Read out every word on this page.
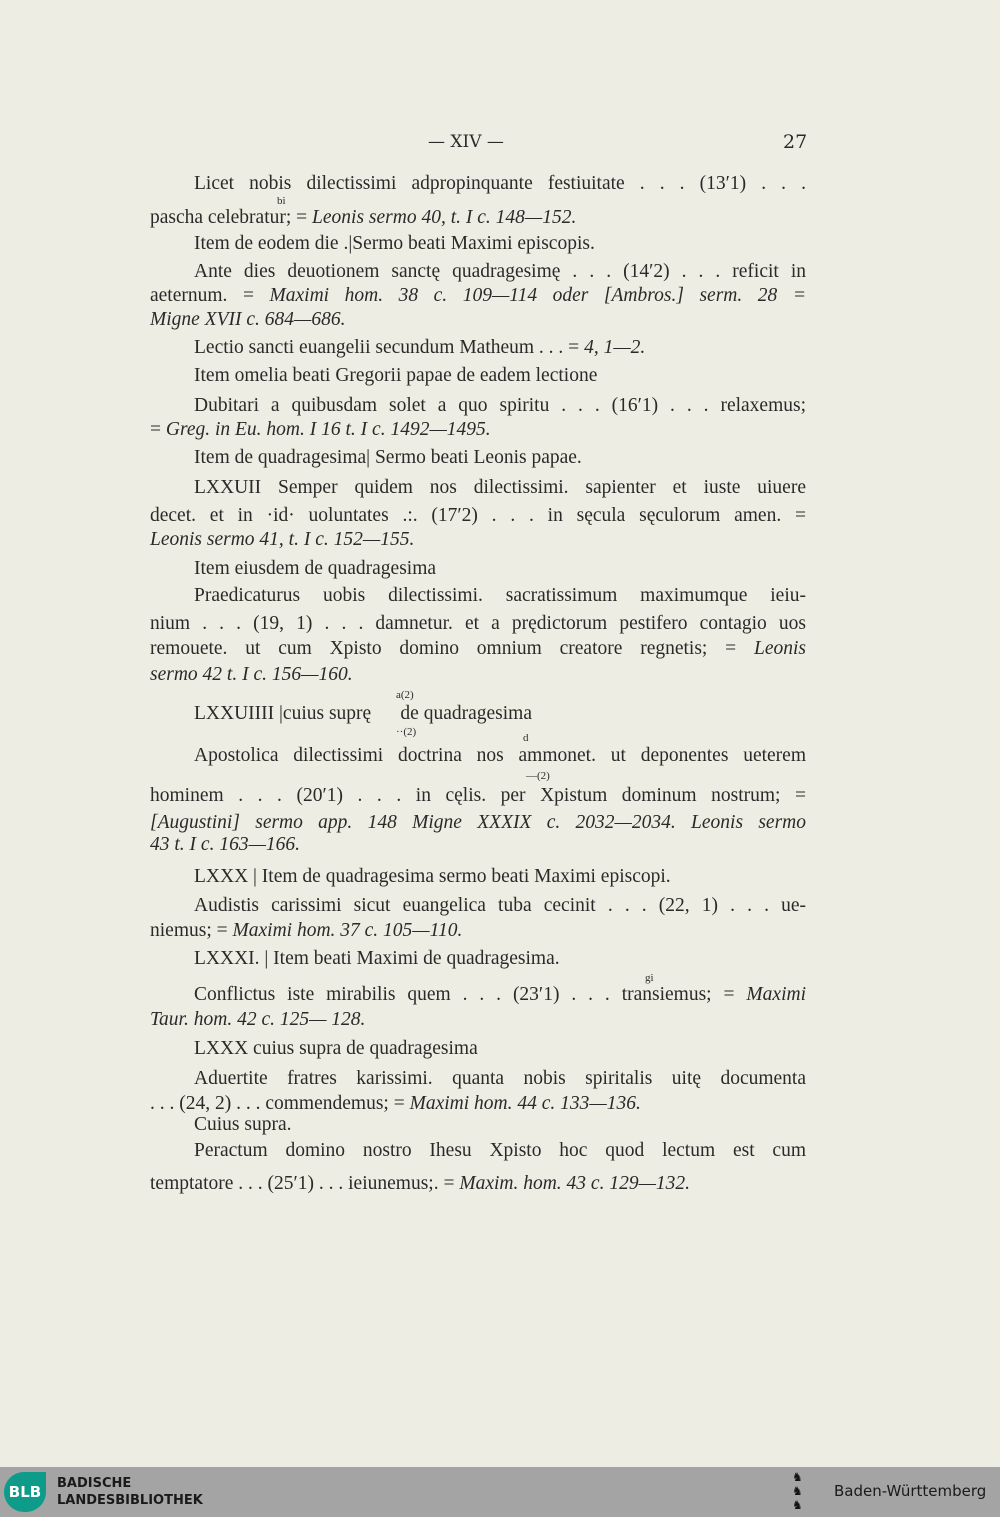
— XIV —	27
Licet nobis dilectissimi adpropinquante festiuitate . . . (13′1) . . .
pascha celebratur; = Leonis sermo 40, t. I c. 148—152.
Item de eodem die .|Sermo beati Maximi episcopis.
Ante dies deuotionem sanctę quadragesimę . . . (14′2) . . . reficit in
aeternum. = Maximi hom. 38 c. 109—114 oder [Ambros.] serm. 28 =
Migne XVII c. 684—686.
Lectio sancti euangelii secundum Matheum . . . = 4, 1—2.
Item omelia beati Gregorii papae de eadem lectione
Dubitari a quibusdam solet a quo spiritu . . . (16′1) . . . relaxemus;
= Greg. in Eu. hom. I 16 t. I c. 1492—1495.
Item de quadragesima| Sermo beati Leonis papae.
LXXUII Semper quidem nos dilectissimi. sapienter et iuste uiuere
decet. et in ·id· uoluntates .:. (17′2) . . . in sęcula sęculorum amen. =
Leonis sermo 41, t. I c. 152—155.
Item eiusdem de quadragesima
Praedicaturus uobis dilectissimi. sacratissimum maximumque ieiu-
nium . . . (19, 1) . . . damnetur. et a prędictorum pestifero contagio uos
remouete. ut cum Xpisto domino omnium creatore regnetis; = Leonis
sermo 42 t. I c. 156—160.
LXXUIIII |cuius suprę      de quadragesima
Apostolica dilectissimi doctrina nos ammonet. ut deponentes ueterem
hominem . . . (20′1) . . . in cęlis. per Xpistum dominum nostrum; =
[Augustini] sermo app. 148 Migne XXXIX c. 2032—2034. Leonis sermo
43 t. I c. 163—166.
LXXX | Item de quadragesima sermo beati Maximi episcopi.
Audistis carissimi sicut euangelica tuba cecinit . . . (22, 1) . . . ue-
niemus; = Maximi hom. 37 c. 105—110.
LXXXI. | Item beati Maximi de quadragesima.
Conflictus iste mirabilis quem . . . (23′1) . . . transiemus; = Maximi
Taur. hom. 42 c. 125— 128.
LXXX cuius supra de quadragesima
Aduertite fratres karissimi. quanta nobis spiritalis uitę documenta
. . . (24, 2) . . . commendemus; = Maximi hom. 44 c. 133—136.
Cuius supra.
Peractum domino nostro Ihesu Xpisto hoc quod lectum est cum
temptatore . . . (25′1) . . . ieiunemus;. = Maxim. hom. 43 c. 129—132.
bi
a(2)
··(2)	d
—(2)
gi
BLB	BADISCHE
LANDESBIBLIOTHEK
♞
♞
♞
Baden-Württemberg
